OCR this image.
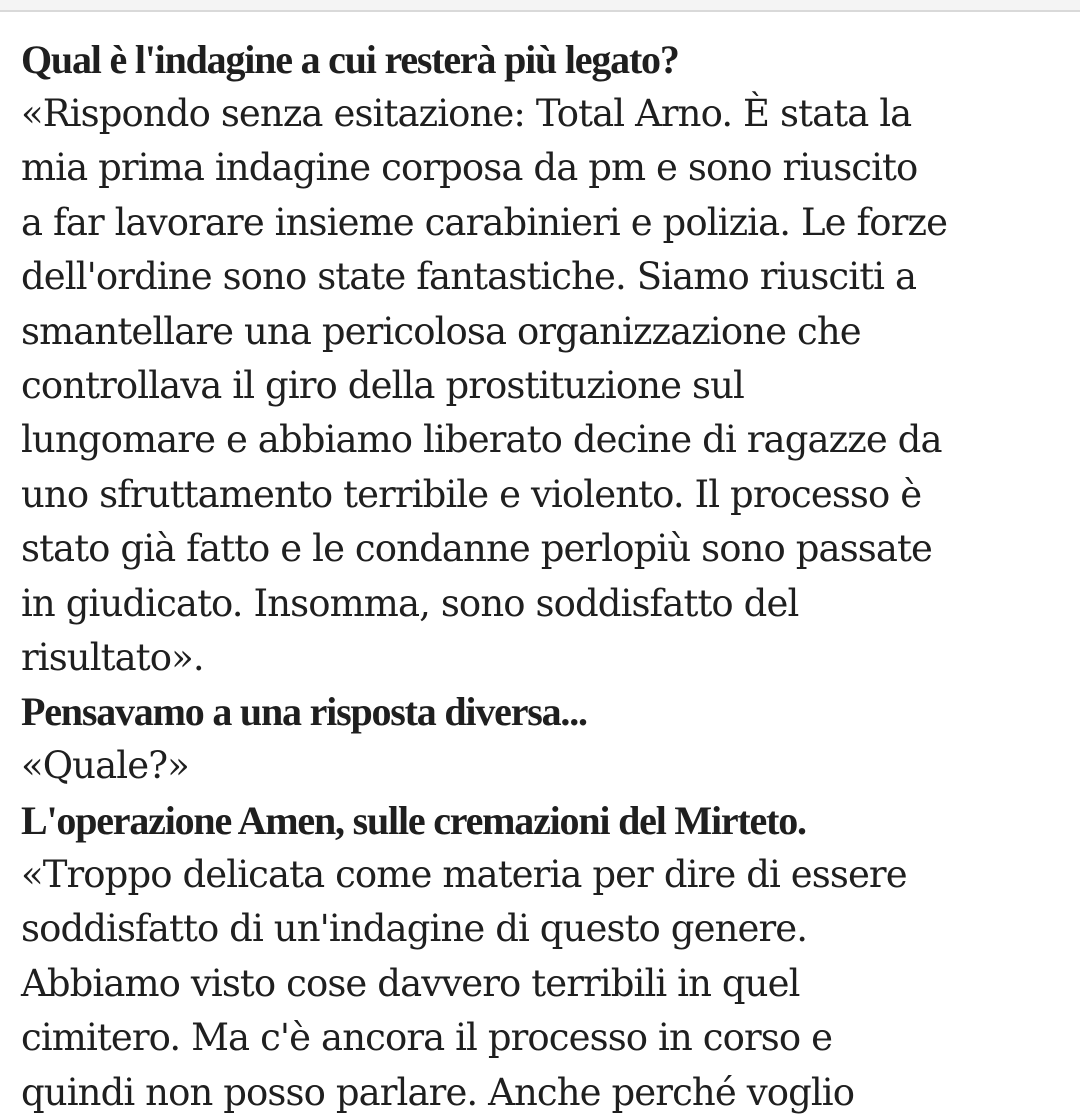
Qual è l'indagine a cui resterà più legato?

«Rispondo senza esitazione: Total Arno. È stata la
mia prima indagine corposa da pm e sono riuscito
a far lavorare insieme carabinieri e polizia. Le forze
dell'ordine sono state fantastiche. Siamo riusciti a
smantellare una pericolosa organizzazione che
controllava il giro della prostituzione sul
lungomare e abbiamo liberato decine di ragazze da
uno sfruttamento terribile e violento. Il processo è
stato già fatto e le condanne perlopiù sono passate
in giudicato. Insomma, sono soddisfatto del
risultato».

Pensavamo a una risposta diversa...

«Quale?»

L'operazione Amen, sulle cremazioni del Mirteto.

«Troppo delicata come materia per dire di essere
soddisfatto di un'indagine di questo genere.
Abbiamo visto cose davvero terribili in quel
cimitero. Ma c'è ancora il processo in corso e
quindi non posso parlare. Anche perché voglio
